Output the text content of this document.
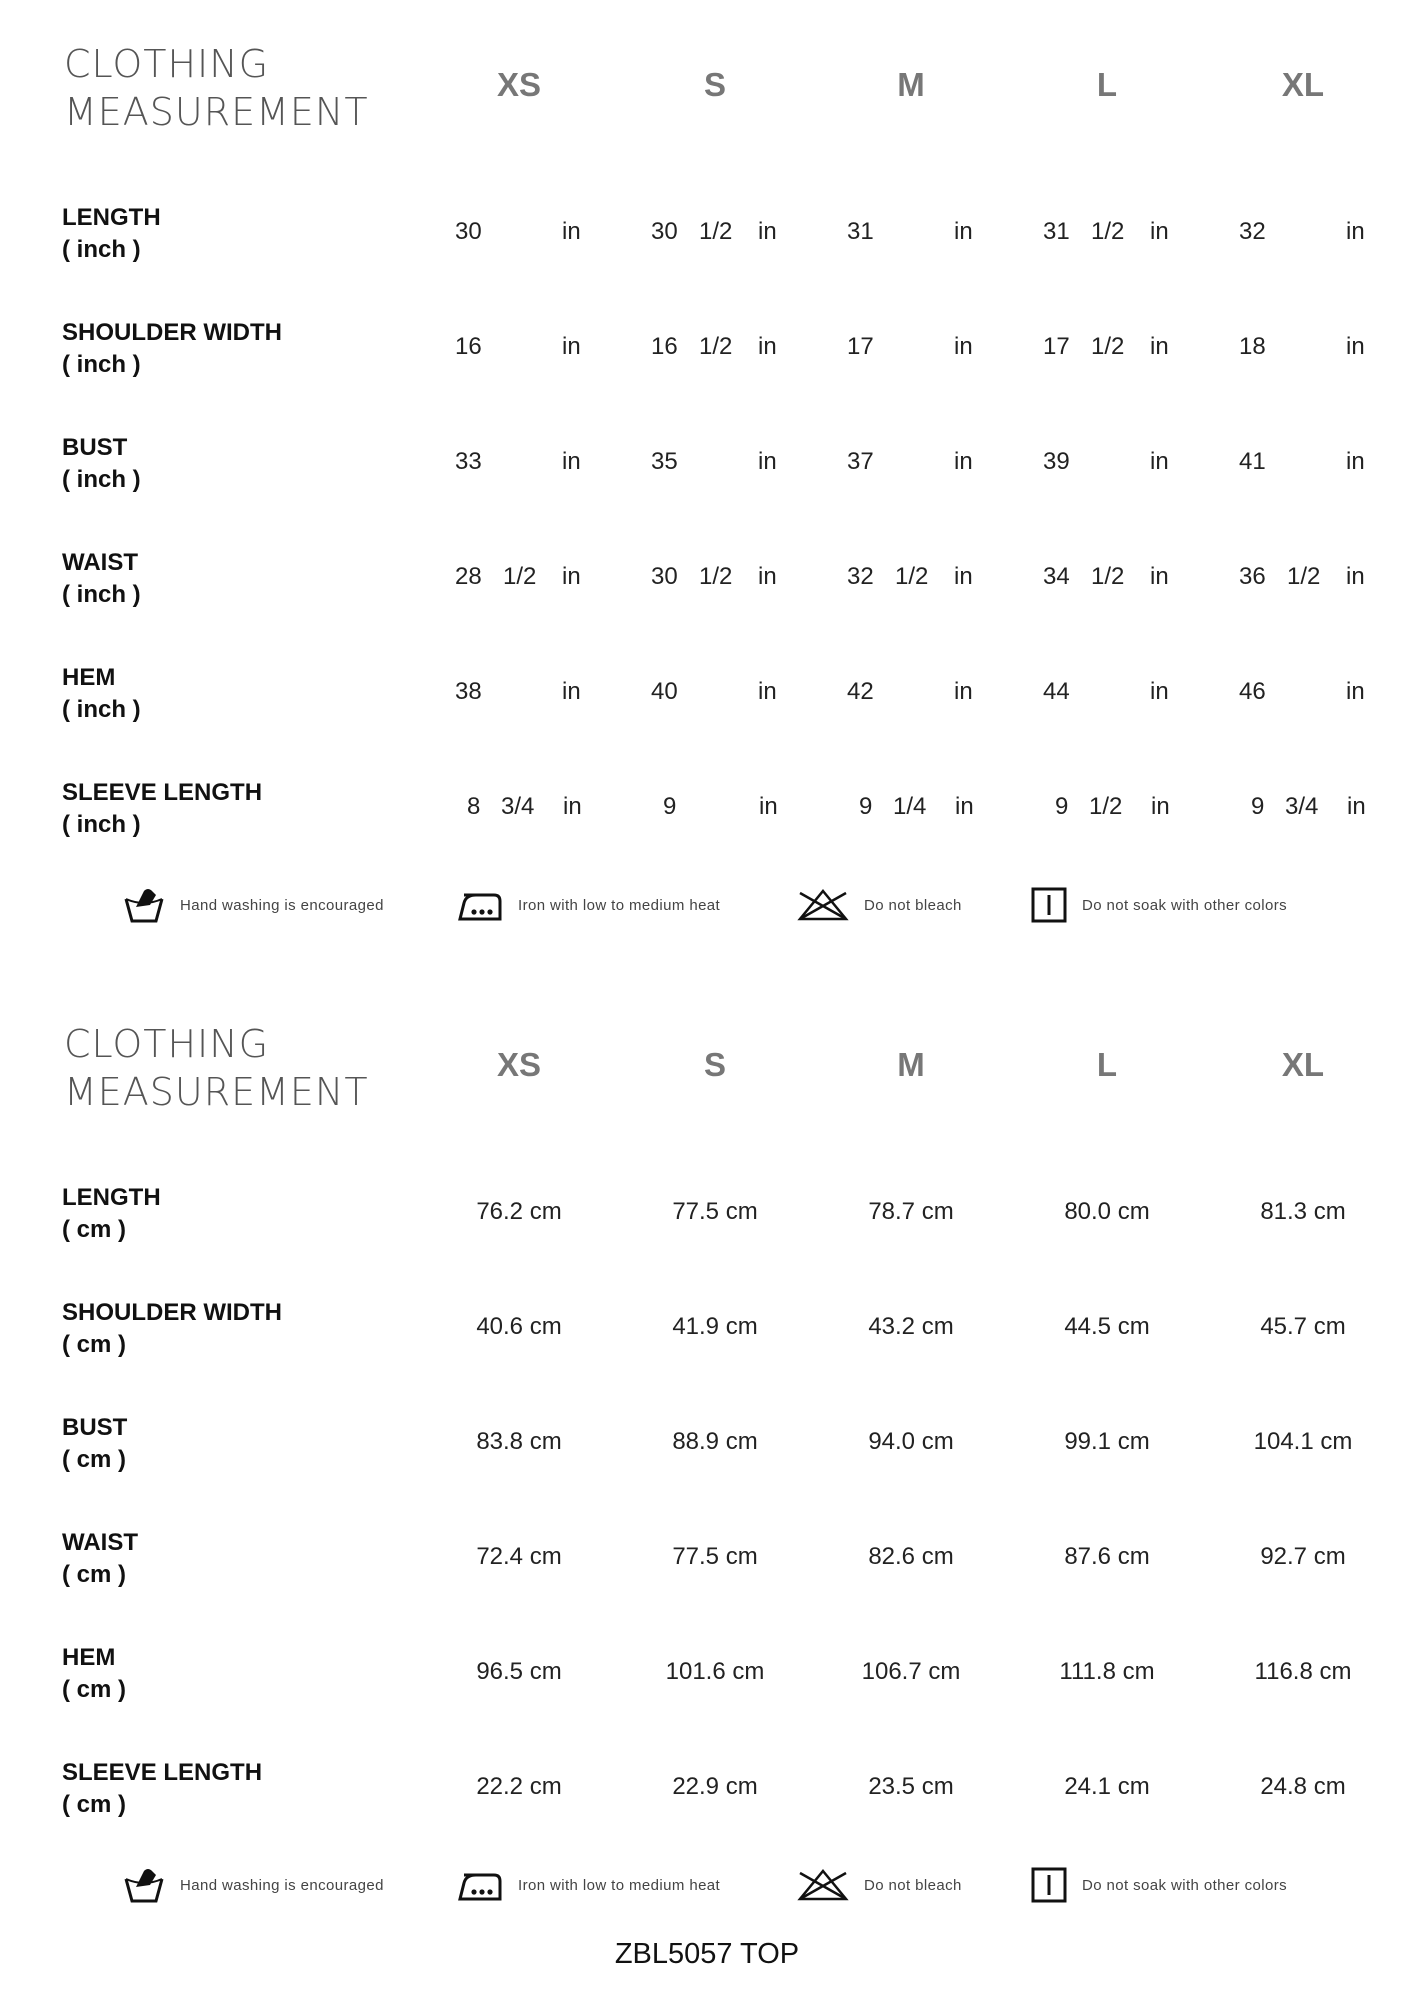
CLOTHING
MEASUREMENT
XS	S	M	L	XL
LENGTH
( inch )
30	in	30 1/2 in	31	in	31 1/2 in	32	in
SHOULDER WIDTH
( inch )
16	in	16 1/2 in	17	in	17 1/2 in	18	in
BUST
( inch )
33	in	35	in	37	in	39	in	41	in
WAIST
( inch )
28 1/2 in	30 1/2 in	32 1/2 in	34 1/2 in	36 1/2 in
HEM
( inch )
38	in	40	in	42	in	44	in	46	in
SLEEVE LENGTH
( inch )
8 3/4 in	9	in	9 1/4 in	9 1/2 in	9 3/4 in
Hand washing is encouraged	Iron with low to medium heat	Do not bleach	Do not soak with other colors
CLOTHING
MEASUREMENT
XS	S	M	L	XL
LENGTH
( cm )
76.2 cm	77.5 cm	78.7 cm	80.0 cm	81.3 cm
SHOULDER WIDTH
( cm )
40.6 cm	41.9 cm	43.2 cm	44.5 cm	45.7 cm
BUST
( cm )
83.8 cm	88.9 cm	94.0 cm	99.1 cm	104.1 cm
WAIST
( cm )
72.4 cm	77.5 cm	82.6 cm	87.6 cm	92.7 cm
HEM
( cm )
96.5 cm	101.6 cm	106.7 cm	111.8 cm	116.8 cm
SLEEVE LENGTH
( cm )
22.2 cm	22.9 cm	23.5 cm	24.1 cm	24.8 cm
Hand washing is encouraged	Iron with low to medium heat	Do not bleach	Do not soak with other colors
ZBL5057 TOP
